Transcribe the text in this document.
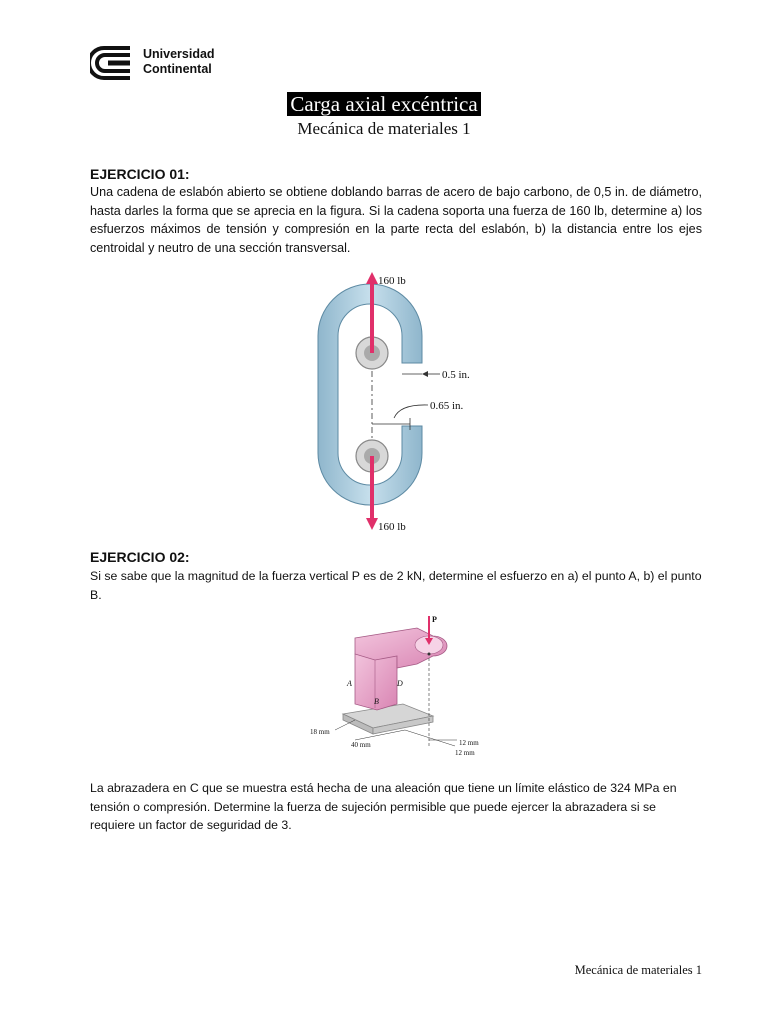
Universidad
Continental
Carga axial excéntrica
Mecánica de materiales 1
EJERCICIO 01:
Una cadena de eslabón abierto se obtiene doblando barras de acero de bajo carbono, de 0,5 in. de diámetro, hasta darles la forma que se aprecia en la figura. Si la cadena soporta una fuerza de 160 lb, determine a) los esfuerzos máximos de tensión y compresión en la parte recta del eslabón, b) la distancia entre los ejes centroidal y neutro de una sección transversal.
160 lb
160 lb
0.5 in.
0.65 in.
EJERCICIO 02:
Si se sabe que la magnitud de la fuerza vertical P es de 2 kN, determine el esfuerzo en a) el punto A, b) el punto B.
P
A
B
D
18 mm
40 mm	12 mm
12 mm
La abrazadera en C que se muestra está hecha de una aleación que tiene un límite elástico de 324 MPa en tensión o compresión. Determine la fuerza de sujeción permisible que puede ejercer la abrazadera si se requiere un factor de seguridad de 3.
Mecánica de materiales 1
